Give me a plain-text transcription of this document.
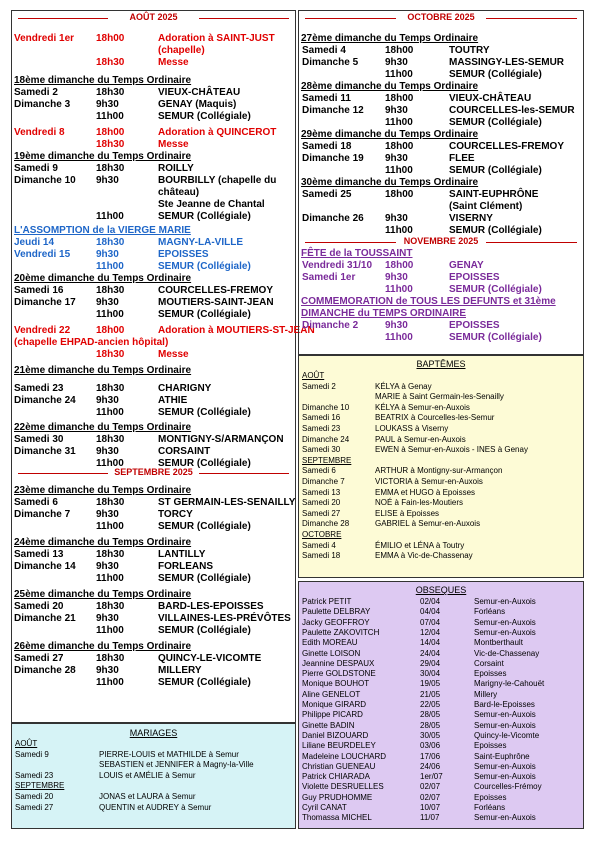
AOÛT 2025
SEPTEMBRE 2025
Vendredi 1er 18h00	Adoration à SAINT-JUST
(chapelle)
18h30	Messe
18ème dimanche du Temps Ordinaire
Samedi 2	18h30	VIEUX-CHÂTEAU
Dimanche 3	9h30	GENAY (Maquis)
11h00	SEMUR (Collégiale)
Vendredi 8	18h00	Adoration à QUINCEROT
18h30	Messe
19ème dimanche du Temps Ordinaire
Samedi 9	18h30	ROILLY
Dimanche 10 9h30	BOURBILLY (chapelle du
château)
Ste Jeanne de Chantal
11h00	SEMUR (Collégiale)
L'ASSOMPTION de la VIERGE MARIE
Jeudi 14	18h30	MAGNY-LA-VILLE
Vendredi 15	9h30	EPOISSES
11h00	SEMUR (Collégiale)
20ème dimanche du Temps Ordinaire
Samedi 16	18h30	COURCELLES-FREMOY
Dimanche 17 9h30	MOUTIERS-SAINT-JEAN
11h00	SEMUR (Collégiale)
Vendredi 22	18h00	Adoration à MOUTIERS-ST-JEAN
(chapelle EHPAD-ancien hôpital)
18h30	Messe
21ème dimanche du Temps Ordinaire
Samedi 23	18h30	CHARIGNY
Dimanche 24 9h30	ATHIE
11h00	SEMUR (Collégiale)
22ème dimanche du Temps Ordinaire
Samedi 30	18h30	MONTIGNY-S/ARMANÇON
Dimanche 31 9h30	CORSAINT
11h00	SEMUR (Collégiale)
23ème dimanche du Temps Ordinaire
Samedi 6	18h30	ST GERMAIN-LES-SENAILLY
Dimanche 7	9h30	TORCY
11h00	SEMUR (Collégiale)
24ème dimanche du Temps Ordinaire
Samedi 13	18h30	LANTILLY
Dimanche 14 9h30	FORLEANS
11h00	SEMUR (Collégiale)
25ème dimanche du Temps Ordinaire
Samedi 20	18h30	BARD-LES-EPOISSES
Dimanche 21 9h30	VILLAINES-LES-PRÉVÔTES
11h00	SEMUR (Collégiale)
26ème dimanche du Temps Ordinaire
Samedi 27	18h30	QUINCY-LE-VICOMTE
Dimanche 28 9h30	MILLERY
11h00	SEMUR (Collégiale)
MARIAGES
AOÛT
Samedi 9	PIERRE-LOUIS et MATHILDE à Semur
SEBASTIEN et JENNIFER à Magny-la-Ville
Samedi 23	LOUIS et AMÉLIE à Semur
SEPTEMBRE
Samedi 20	JONAS et LAURA à Semur
Samedi 27	QUENTIN et AUDREY à Semur
OCTOBRE 2025
NOVEMBRE 2025
27ème dimanche du Temps Ordinaire
Samedi 4	18h00	TOUTRY
Dimanche 5	9h30	MASSINGY-LES-SEMUR
11h00	SEMUR (Collégiale)
28ème dimanche du Temps Ordinaire
Samedi 11	18h00	VIEUX-CHÂTEAU
Dimanche 12 9h30	COURCELLES-les-SEMUR
11h00	SEMUR (Collégiale)
29ème dimanche du Temps Ordinaire
Samedi 18	18h00	COURCELLES-FREMOY
Dimanche 19 9h30	FLEE
11h00	SEMUR (Collégiale)
30ème dimanche du Temps Ordinaire
Samedi 25	18h00	SAINT-EUPHRÔNE
(Saint Clément)
Dimanche 26 9h30	VISERNY
11h00	SEMUR (Collégiale)
FÊTE de la TOUSSAINT
Vendredi 31/10 18h00	GENAY
Samedi 1er	9h30	EPOISSES
11h00	SEMUR (Collégiale)
COMMEMORATION de TOUS LES DEFUNTS et 31ème
DIMANCHE du TEMPS ORDINAIRE
Dimanche 2	9h30	EPOISSES
11h00	SEMUR (Collégiale)
BAPTÊMES
AOÛT
Samedi 2	KÉLYA à Genay
MARIE à Saint Germain-les-Senailly
Dimanche 10	KÉLYA à Semur-en-Auxois
Samedi 16	BEATRIX à Courcelles-les-Semur
Samedi 23	LOUKASS à Viserny
Dimanche 24	PAUL à Semur-en-Auxois
Samedi 30	EWEN à Semur-en-Auxois - INES à Genay
SEPTEMBRE
Samedi 6	ARTHUR à Montigny-sur-Armançon
Dimanche 7	VICTORIA à Semur-en-Auxois
Samedi 13	EMMA et HUGO à Epoisses
Samedi 20	NOÉ à Fain-les-Moutiers
Samedi 27	ELISE à Epoisses
Dimanche 28	GABRIEL à Semur-en-Auxois
OCTOBRE
Samedi 4	ÉMILIO et LÉNA à Toutry
Samedi 18	EMMA à Vic-de-Chassenay
OBSEQUES
Patrick PETIT	02/04	Semur-en-Auxois
Paulette DELBRAY	04/04	Forléans
Jacky GEOFFROY	07/04	Semur-en-Auxois
Paulette ZAKOVITCH	12/04	Semur-en-Auxois
Edith MOREAU	14/04	Montberthault
Ginette LOISON	24/04	Vic-de-Chassenay
Jeannine DESPAUX	29/04	Corsaint
Pierre GOLDSTONE	30/04	Epoisses
Monique BOUHOT	19/05	Marigny-le-Cahouët
Aline GENELOT	21/05	Millery
Monique GIRARD	22/05	Bard-le-Epoisses
Philippe PICARD	28/05	Semur-en-Auxois
Ginette BADIN	28/05	Semur-en-Auxois
Daniel BIZOUARD	30/05	Quincy-le-Vicomte
Liliane BEURDELEY	03/06	Epoisses
Madeleine LOUCHARD	17/06	Saint-Euphrône
Christian GUENEAU	24/06	Semur-en-Auxois
Patrick CHIARADA	1er/07	Semur-en-Auxois
Violette DESRUELLES	02/07	Courcelles-Frémoy
Guy PRUDHOMME	02/07	Epoisses
Cyril CANAT	10/07	Forléans
Thomassa MICHEL	11/07	Semur-en-Auxois
